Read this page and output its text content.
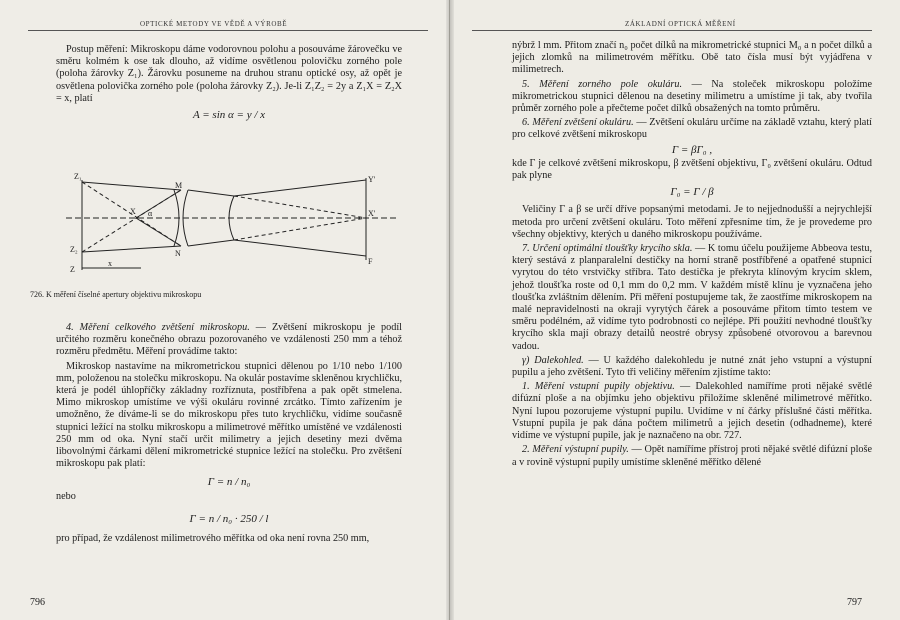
OPTICKÉ METODY VE VĚDĚ A VÝROBĚ

Postup měření: Mikroskopu dáme vodorovnou polohu a posouváme žárovečku ve směru kolmém k ose tak dlouho, až vidíme osvětlenou polovičku zorného pole (poloha žárovky Z₁). Žárovku posuneme na druhou stranu optické osy, až opět je osvětlena polovička zorného pole (poloha žárovky Z₂). Je-li Z₁Z₂ = 2y a Z₁X = Z₂X = x, platí

A = sin α = y / x
Z₁
Z₂
Z
X α
M
N
Y'
X'
F
x
726. K měření číselné apertury objektivu mikroskopu

4. Měření celkového zvětšení mikroskopu. — Zvětšení mikroskopu je podíl určitého rozměru konečného obrazu pozorovaného ve vzdálenosti 250 mm a téhož rozměru předmětu. Měření provádíme takto:

Mikroskop nastavíme na mikrometrickou stupnici dělenou po 1/10 nebo 1/100 mm, položenou na stolečku mikroskopu. Na okulár postavíme skleněnou krychličku, která je podél úhlopříčky základny rozříznuta, postříbřena a pak opět stmelena. Mimo mikroskop umístíme ve výši okuláru rovinné zrcátko. Tímto zařízením je umožněno, že díváme-li se do mikroskopu přes tuto krychličku, vidíme současně stupnici ležící na stolku mikroskopu a milimetrové měřítko umístěné ve vzdálenosti 250 mm od oka. Nyní stačí určit milimetry a jejich desetiny mezi dvěma libovolnými čárkami dělení mikrometrické stupnice ležící na stolečku. Pro zvětšení mikroskopu pak platí:

Γ = n / n₀

nebo

Γ = n / n₀ · 250 / l

pro případ, že vzdálenost milimetrového měřítka od oka není rovna 250 mm,

796
ZÁKLADNÍ OPTICKÁ MĚŘENÍ

nýbrž l mm. Přitom značí n₀ počet dílků na mikrometrické stupnici M₀ a n počet dílků a jejich zlomků na milimetrovém měřítku. Obě tato čísla musí být vyjádřena v milimetrech.

5. Měření zorného pole okuláru. — Na stoleček mikroskopu položíme mikrometrickou stupnici dělenou na desetiny milimetru a umístíme ji tak, aby tvořila průměr zorného pole a přečteme počet dílků obsažených na tomto průměru.

6. Měření zvětšení okuláru. — Zvětšení okuláru určíme na základě vztahu, který platí pro celkové zvětšení mikroskopu

Γ = βΓ₀ ,

kde Γ je celkové zvětšení mikroskopu, β zvětšení objektivu, Γ₀ zvětšení okuláru. Odtud pak plyne

Γ₀ = Γ / β

Veličiny Γ a β se určí dříve popsanými metodami. Je to nejjednodušší a nejrychlejší metoda pro určení zvětšení okuláru. Toto měření zpřesníme tím, že je provedeme pro všechny objektivy, kterých u daného mikroskopu používáme.

7. Určení optimální tloušťky krycího skla. — K tomu účelu použijeme Abbeova testu, který sestává z planparalelní destičky na horní straně postříbřené a opatřené stupnicí vyrytou do této vrstvičky stříbra. Tato destička je překryta klínovým krycím sklem, jehož tloušťka roste od 0,1 mm do 0,2 mm. V každém místě klínu je vyznačena jeho tloušťka zvláštním dělením. Při měření postupujeme tak, že zaostříme mikroskopem na malé nepravidelnosti na okraji vyrytých čárek a posouváme přitom tímto testem ve směru podélném, až vidíme tyto podrobnosti co nejlépe. Při použití nevhodné tloušťky krycího skla mají obrazy detailů neostré obrysy způsobené otvorovou a barevnou vadou.

γ) Dalekohled. — U každého dalekohledu je nutné znát jeho vstupní a výstupní pupilu a jeho zvětšení. Tyto tři veličiny měřením zjistíme takto:

1. Měření vstupní pupily objektivu. — Dalekohled namíříme proti nějaké světlé difúzní ploše a na objímku jeho objektivu přiložíme skleněné milimetrové měřítko. Nyní lupou pozorujeme výstupní pupilu. Uvidíme v ní čárky příslušné části měřítka. Vstupní pupila je pak dána počtem milimetrů a jejich desetin (odhadneme), které vidíme ve výstupní pupile, jak je naznačeno na obr. 727.

2. Měření výstupní pupily. — Opět namíříme přístroj proti nějaké světlé difúzní ploše a v rovině výstupní pupily umístíme skleněné měřítko dělené

797
